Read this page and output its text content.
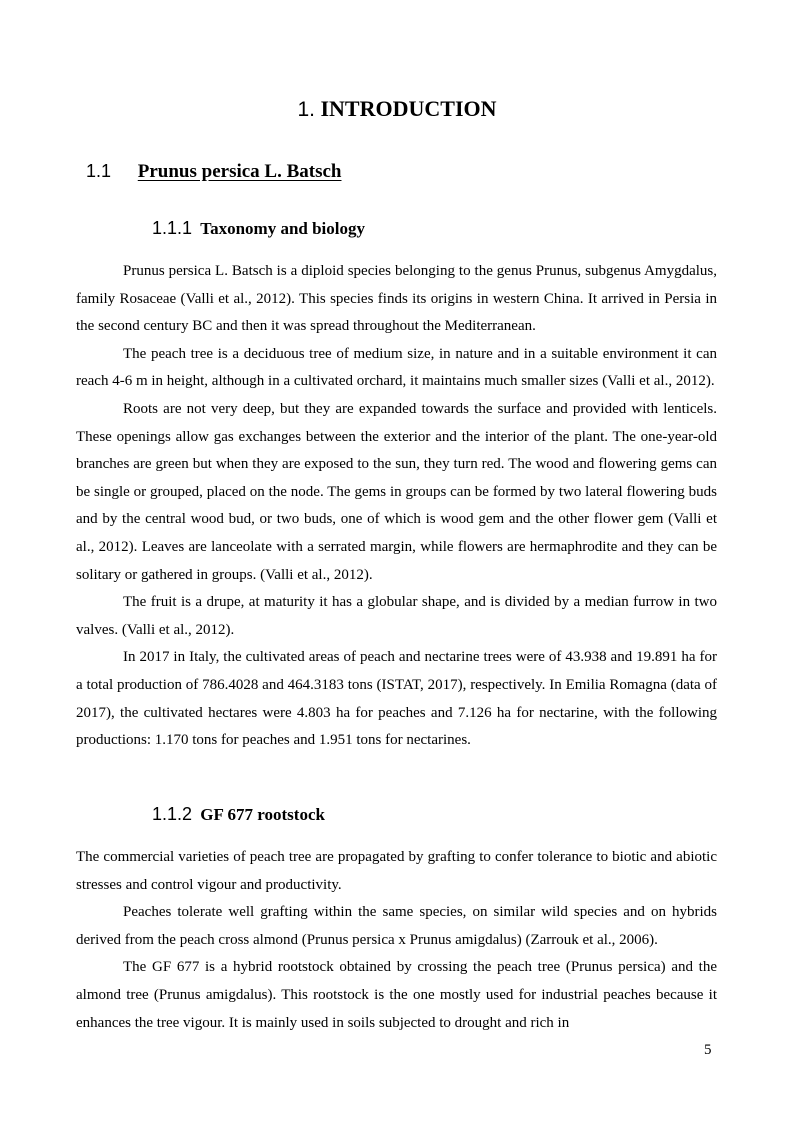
1. INTRODUCTION
1.1 Prunus persica L. Batsch
1.1.1 Taxonomy and biology

Prunus persica L. Batsch is a diploid species belonging to the genus Prunus, subgenus Amygdalus, family Rosaceae (Valli et al., 2012). This species finds its origins in western China. It arrived in Persia in the second century BC and then it was spread throughout the Mediterranean.

The peach tree is a deciduous tree of medium size, in nature and in a suitable environment it can reach 4-6 m in height, although in a cultivated orchard, it maintains much smaller sizes (Valli et al., 2012).

Roots are not very deep, but they are expanded towards the surface and provided with lenticels. These openings allow gas exchanges between the exterior and the interior of the plant. The one-year-old branches are green but when they are exposed to the sun, they turn red. The wood and flowering gems can be single or grouped, placed on the node. The gems in groups can be formed by two lateral flowering buds and by the central wood bud, or two buds, one of which is wood gem and the other flower gem (Valli et al., 2012). Leaves are lanceolate with a serrated margin, while flowers are hermaphrodite and they can be solitary or gathered in groups. (Valli et al., 2012).

The fruit is a drupe, at maturity it has a globular shape, and is divided by a median furrow in two valves. (Valli et al., 2012).

In 2017 in Italy, the cultivated areas of peach and nectarine trees were of 43.938 and 19.891 ha for a total production of 786.4028 and 464.3183 tons (ISTAT, 2017), respectively. In Emilia Romagna (data of 2017), the cultivated hectares were 4.803 ha for peaches and 7.126 ha for nectarine, with the following productions: 1.170 tons for peaches and 1.951 tons for nectarines.

1.1.2 GF 677 rootstock

The commercial varieties of peach tree are propagated by grafting to confer tolerance to biotic and abiotic stresses and control vigour and productivity.

Peaches tolerate well grafting within the same species, on similar wild species and on hybrids derived from the peach cross almond (Prunus persica x Prunus amigdalus) (Zarrouk et al., 2006).

The GF 677 is a hybrid rootstock obtained by crossing the peach tree (Prunus persica) and the almond tree (Prunus amigdalus). This rootstock is the one mostly used for industrial peaches because it enhances the tree vigour. It is mainly used in soils subjected to drought and rich in

5
